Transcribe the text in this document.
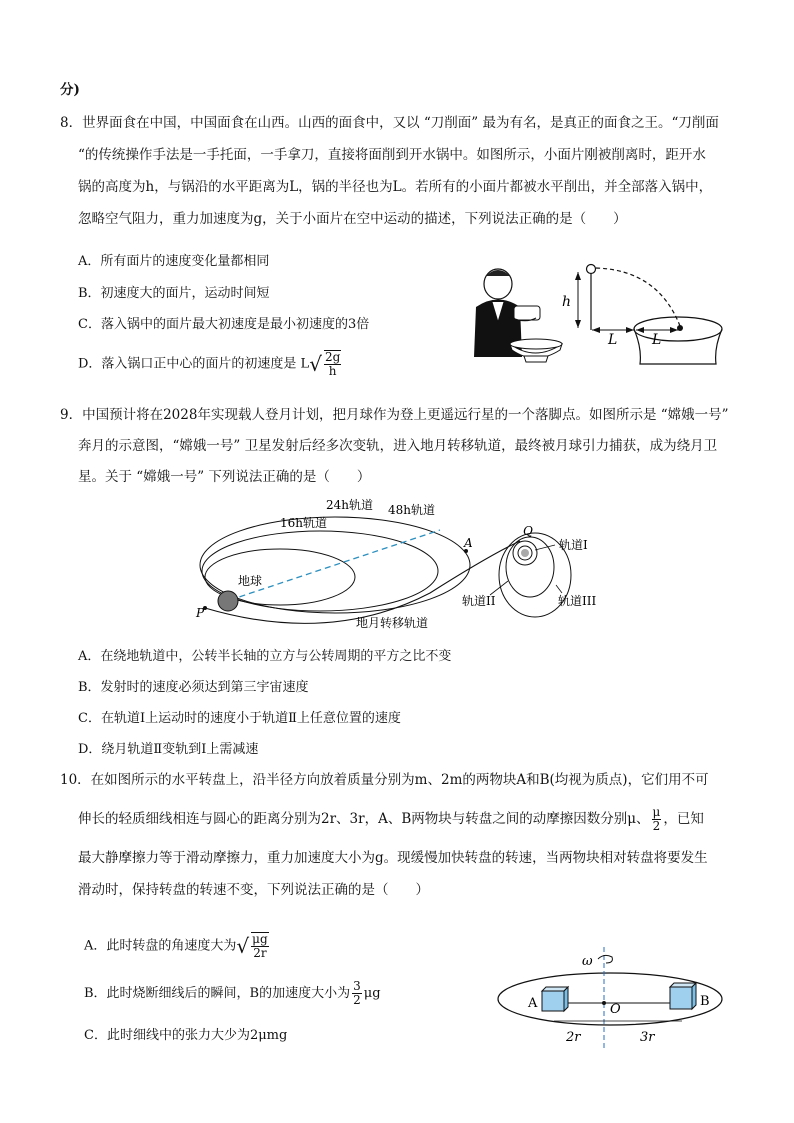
分)
8．世界面食在中国，中国面食在山西。山西的面食中，又以 “刀削面” 最为有名，是真正的面食之王。“刀削面
“的传统操作手法是一手托面，一手拿刀，直接将面削到开水锅中。如图所示，小面片刚被削离时，距开水
锅的高度为h，与锅沿的水平距离为L，锅的半径也为L。若所有的小面片都被水平削出，并全部落入锅中，
忽略空气阻力，重力加速度为g，关于小面片在空中运动的描述，下列说法正确的是（　　）
A．所有面片的速度变化量都相同
B．初速度大的面片，运动时间短
C．落入锅中的面片最大初速度是最小初速度的3倍
D．落入锅口正中心的面片的初速度是 $L√ \frac{2g}{h}$
h
L L
9．中国预计将在2028年实现载人登月计划，把月球作为登上更遥远行星的一个落脚点。如图所示是 “嫦娥一号”
奔月的示意图，“嫦娥一号” 卫星发射后经多次变轨，进入地月转移轨道，最终被月球引力捕获，成为绕月卫
星。关于 “嫦娥一号” 下列说法正确的是（　　）
16h轨道
24h轨道 48h轨道
地球
P
A
Q
轨道I
轨道II	轨道III
地月转移轨道
A．在绕地轨道中，公转半长轴的立方与公转周期的平方之比不变
B．发射时的速度必须达到第三宇宙速度
C．在轨道Ⅰ上运动时的速度小于轨道Ⅱ上任意位置的速度
D．绕月轨道Ⅱ变轨到Ⅰ上需减速
10．在如图所示的水平转盘上，沿半径方向放着质量分别为m、2m的两物块A和B(均视为质点)，它们用不可
伸长的轻质细线相连与圆心的距离分别为2r、3r，A、B两物块与转盘之间的动摩擦因数分别μ、 $\frac{\mu}{2}$ ，已知
最大静摩擦力等于滑动摩擦力，重力加速度大小为g。现缓慢加快转盘的转速，当两物块相对转盘将要发生
滑动时，保持转盘的转速不变，下列说法正确的是（　　）
A．此时转盘的角速度大为√ $\frac{\mu g}{2r}$
B．此时烧断细线后的瞬间，B的加速度大小为 $\frac{3}{2}$ μg
C．此时细线中的张力大少为2μmg
ω
A	B
O
2r	3r
